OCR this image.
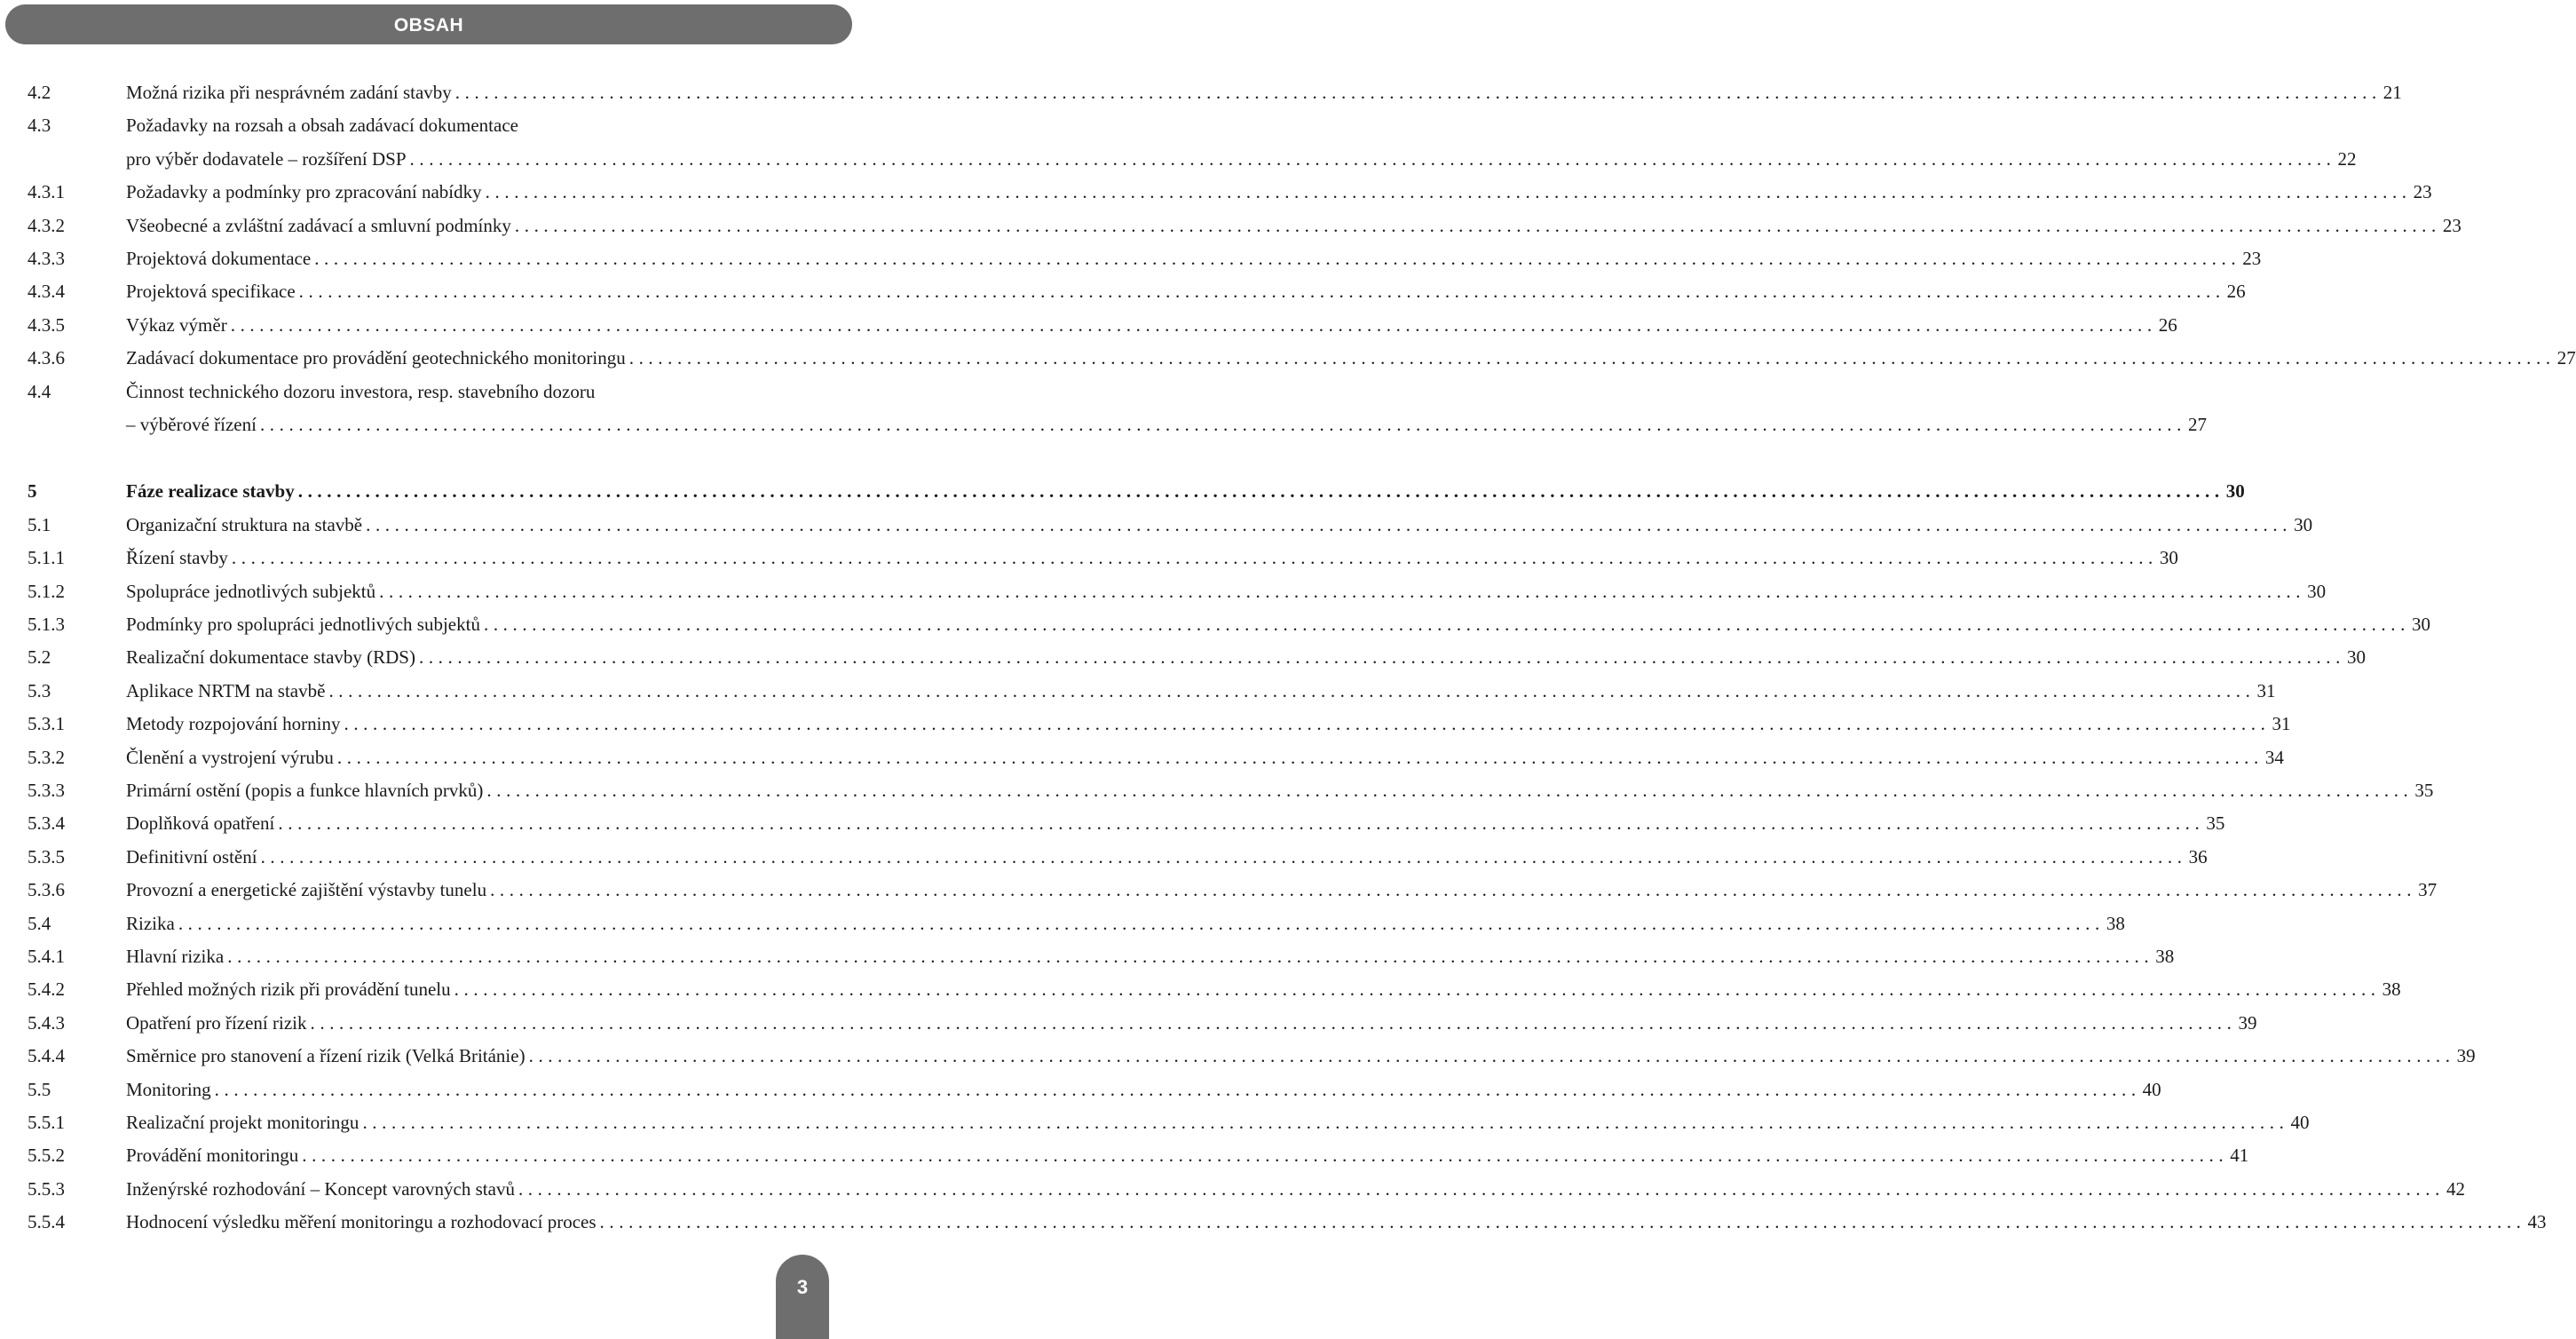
OBSAH
4.2	Možná rizika při nesprávném zadání stavby ........................................................................................................................................................................................................ 21
4.3	Požadavky na rozsah a obsah zadávací dokumentace
pro výběr dodavatele – rozšíření DSP ........................................................................................................................................................................................................ 22
4.3.1	Požadavky a podmínky pro zpracování nabídky ........................................................................................................................................................................................................ 23
4.3.2	Všeobecné a zvláštní zadávací a smluvní podmínky ........................................................................................................................................................................................................ 23
4.3.3	Projektová dokumentace ........................................................................................................................................................................................................ 23
4.3.4	Projektová specifikace ........................................................................................................................................................................................................ 26
4.3.5	Výkaz výměr ........................................................................................................................................................................................................ 26
4.3.6	Zadávací dokumentace pro provádění geotechnického monitoringu ........................................................................................................................................................................................................ 27
4.4	Činnost technického dozoru investora, resp. stavebního dozoru
– výběrové řízení ........................................................................................................................................................................................................ 27
5	Fáze realizace stavby ........................................................................................................................................................................................................ 30
5.1	Organizační struktura na stavbě ........................................................................................................................................................................................................ 30
5.1.1	Řízení stavby ........................................................................................................................................................................................................ 30
5.1.2	Spolupráce jednotlivých subjektů ........................................................................................................................................................................................................ 30
5.1.3	Podmínky pro spolupráci jednotlivých subjektů ........................................................................................................................................................................................................ 30
5.2	Realizační dokumentace stavby (RDS) ........................................................................................................................................................................................................ 30
5.3	Aplikace NRTM na stavbě ........................................................................................................................................................................................................ 31
5.3.1	Metody rozpojování horniny ........................................................................................................................................................................................................ 31
5.3.2	Členění a vystrojení výrubu ........................................................................................................................................................................................................ 34
5.3.3	Primární ostění (popis a funkce hlavních prvků) ........................................................................................................................................................................................................ 35
5.3.4	Doplňková opatření ........................................................................................................................................................................................................ 35
5.3.5	Definitivní ostění ........................................................................................................................................................................................................ 36
5.3.6	Provozní a energetické zajištění výstavby tunelu ........................................................................................................................................................................................................ 37
5.4	Rizika ........................................................................................................................................................................................................ 38
5.4.1	Hlavní rizika ........................................................................................................................................................................................................ 38
5.4.2	Přehled možných rizik při provádění tunelu ........................................................................................................................................................................................................ 38
5.4.3	Opatření pro řízení rizik ........................................................................................................................................................................................................ 39
5.4.4	Směrnice pro stanovení a řízení rizik (Velká Británie) ........................................................................................................................................................................................................ 39
5.5	Monitoring ........................................................................................................................................................................................................ 40
5.5.1	Realizační projekt monitoringu ........................................................................................................................................................................................................ 40
5.5.2	Provádění monitoringu ........................................................................................................................................................................................................ 41
5.5.3	Inženýrské rozhodování – Koncept varovných stavů ........................................................................................................................................................................................................ 42
5.5.4	Hodnocení výsledku měření monitoringu a rozhodovací proces ........................................................................................................................................................................................................ 43
3
